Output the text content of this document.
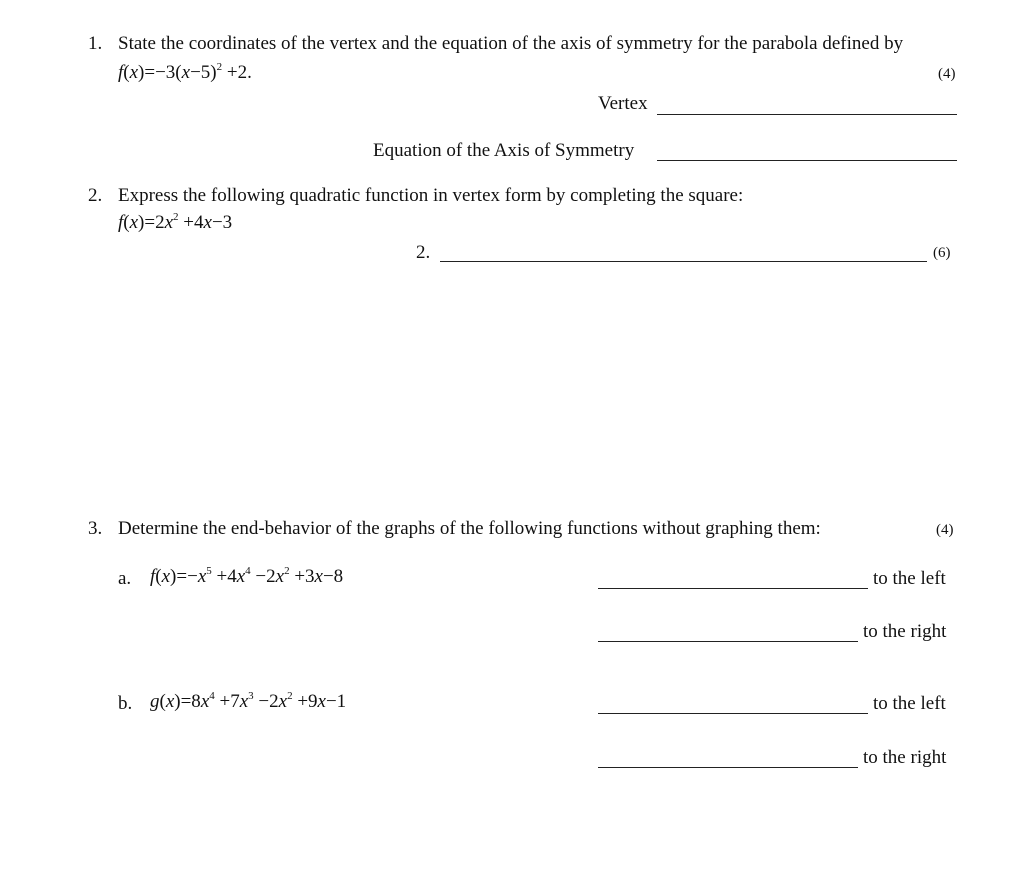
1. State the coordinates of the vertex and the equation of the axis of symmetry for the parabola defined by
$f(x)=-3(x-5)^2 +2$.	(4)
Vertex
Equation of the Axis of Symmetry
2. Express the following quadratic function in vertex form by completing the square:
$f(x)=2x^2 +4x-3$
2.	(6)
3. Determine the end-behavior of the graphs of the following functions without graphing them:	(4)
a. $f(x)=-x^5 +4x^4 -2x^2 +3x-8$	to the left
to the right
b. $g(x)=8x^4 +7x^3 -2x^2 +9x-1$	to the left
to the right
